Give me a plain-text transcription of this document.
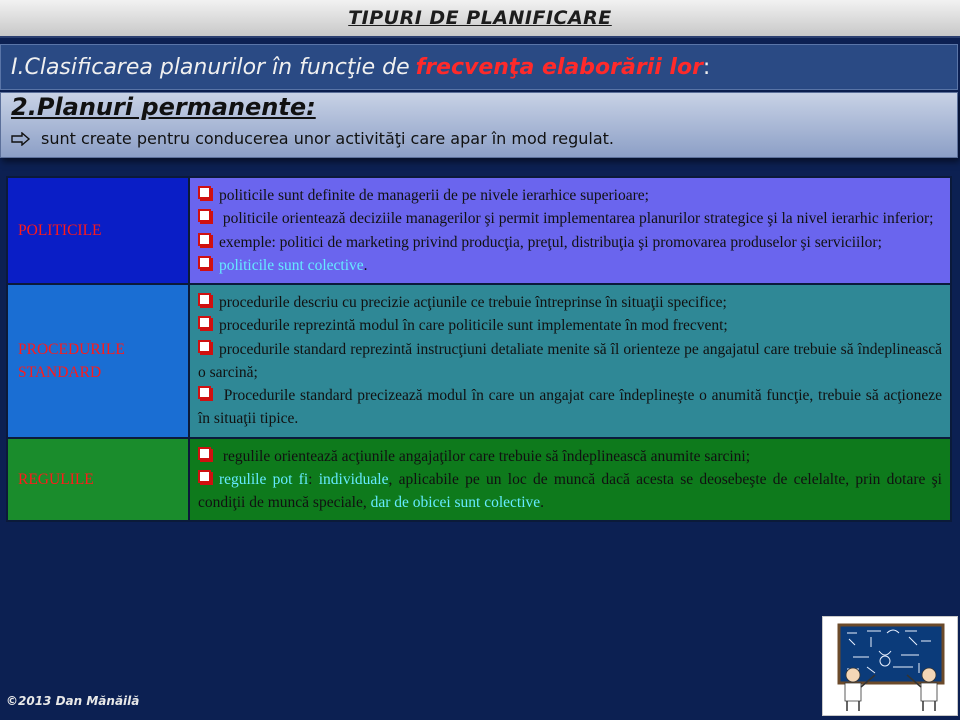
TIPURI DE PLANIFICARE
I.Clasificarea planurilor în funcţie de frecvenţa elaborării lor :
2.Planuri permanente:
sunt create pentru conducerea unor activităţi care apar în mod regulat.
POLITICILE	politicile sunt definite de managerii de pe nivele ierarhice superioare;
politicile orientează deciziile managerilor şi permit implementarea planurilor strategice şi la nivel ierarhic inferior;
exemple: politici de marketing privind producţia, preţul, distribuţia şi promovarea produselor şi serviciilor;
politicile sunt colective.

PROCEDURILE STANDARD	procedurile descriu cu precizie acţiunile ce trebuie întreprinse în situaţii specifice;
procedurile reprezintă modul în care politicile sunt implementate în mod frecvent;
procedurile standard reprezintă instrucţiuni detaliate menite să îl orienteze pe angajatul care trebuie să îndeplinească o sarcină;
Procedurile standard precizează modul în care un angajat care îndeplineşte o anumită funcţie, trebuie să acţioneze în situaţii tipice.

REGULILE	regulile orientează acţiunile angajaţilor care trebuie să îndeplinească anumite sarcini;
regulile pot fi: individuale, aplicabile pe un loc de muncă dacă acesta se deosebeşte de celelalte, prin dotare şi condiţii de muncă speciale, dar de obicei sunt colective.
©2013 Dan Mănăilă
